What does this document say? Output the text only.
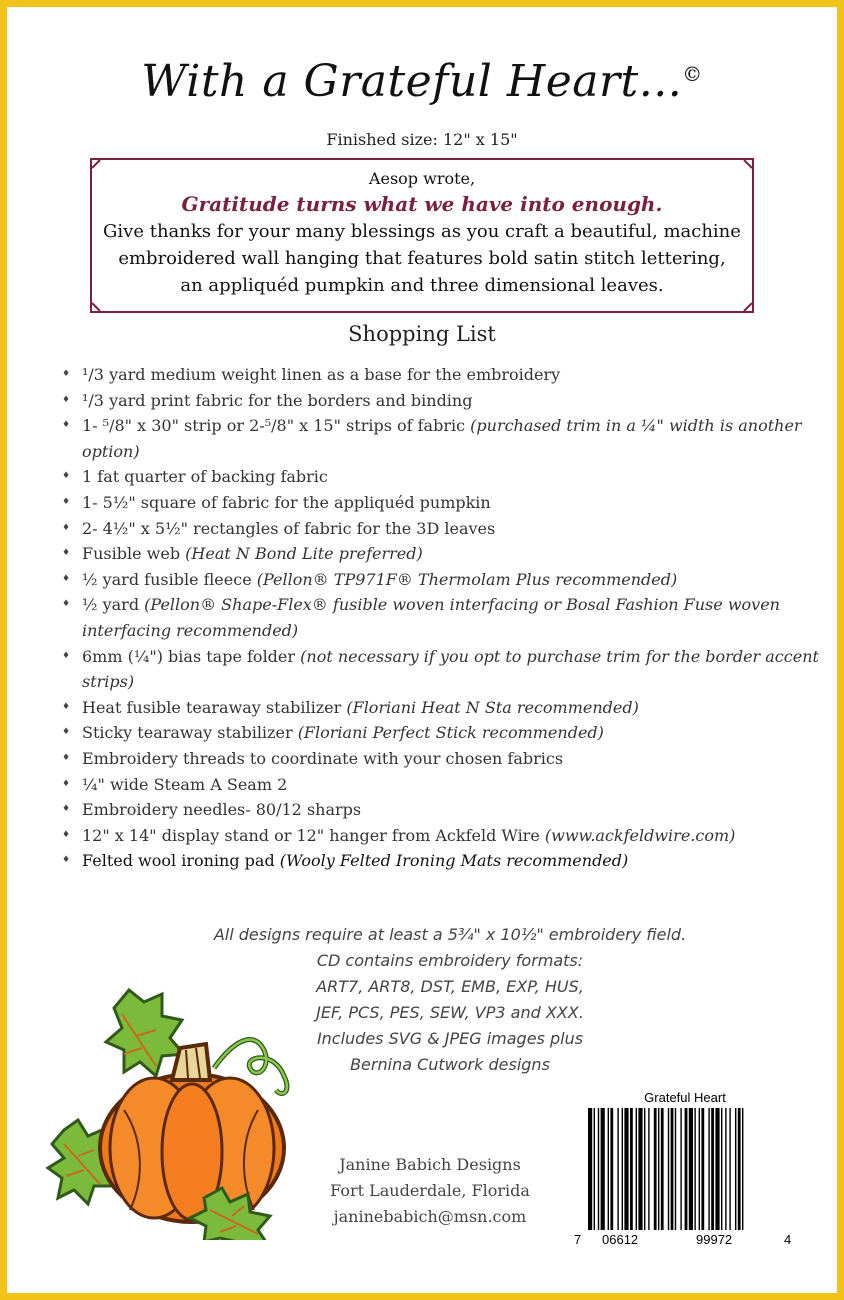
With a Grateful Heart...©
Finished size: 12" x 15"
Aesop wrote,
Gratitude turns what we have into enough.
Give thanks for your many blessings as you craft a beautiful, machine
embroidered wall hanging that features bold satin stitch lettering,
an appliquéd pumpkin and three dimensional leaves.
Shopping List
♦ ¹/3 yard medium weight linen as a base for the embroidery
♦ ¹/3 yard print fabric for the borders and binding
♦ 1- ⁵/8" x 30" strip or 2-⁵/8" x 15" strips of fabric (purchased trim in a ¼" width is another option)
♦ 1 fat quarter of backing fabric
♦ 1- 5½" square of fabric for the appliquéd pumpkin
♦ 2- 4½" x 5½" rectangles of fabric for the 3D leaves
♦ Fusible web (Heat N Bond Lite preferred)
♦ ½ yard fusible fleece (Pellon® TP971F® Thermolam Plus recommended)
♦ ½ yard (Pellon® Shape-Flex® fusible woven interfacing or Bosal Fashion Fuse woven interfacing recommended)
♦ 6mm (¼") bias tape folder (not necessary if you opt to purchase trim for the border accent strips)
♦ Heat fusible tearaway stabilizer (Floriani Heat N Sta recommended)
♦ Sticky tearaway stabilizer (Floriani Perfect Stick recommended)
♦ Embroidery threads to coordinate with your chosen fabrics
♦ ¼" wide Steam A Seam 2
♦ Embroidery needles- 80/12 sharps
♦ 12" x 14" display stand or 12" hanger from Ackfeld Wire (www.ackfeldwire.com)
♦ Felted wool ironing pad (Wooly Felted Ironing Mats recommended)
All designs require at least a 5¾" x 10½" embroidery field.
CD contains embroidery formats:
ART7, ART8, DST, EMB, EXP, HUS,
JEF, PCS, PES, SEW, VP3 and XXX.
Includes SVG & JPEG images plus
Bernina Cutwork designs
Janine Babich Designs
Fort Lauderdale, Florida
janinebabich@msn.com
Grateful Heart
7 06612	99972	4
